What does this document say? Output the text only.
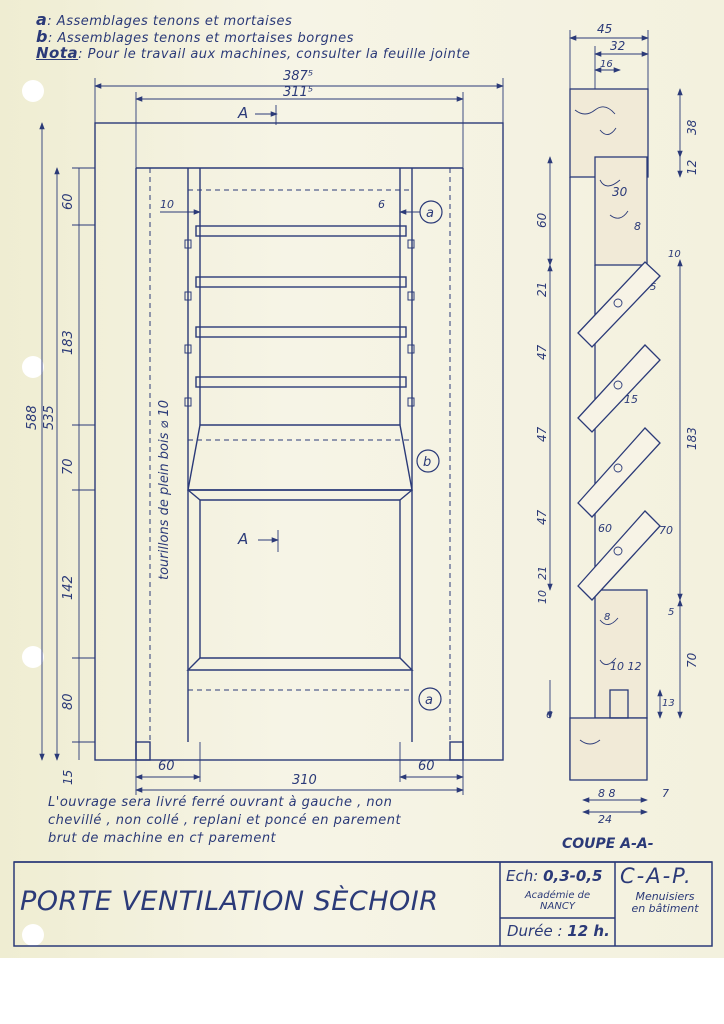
a: Assemblages tenons et mortaises
b: Assemblages tenons et mortaises borgnes
Nota: Pour le travail aux machines, consulter la feuille jointe
387⁵
311⁵
A
A
588 535
60
183
70
142
80
15
10	6
tourillons de plein bois ⌀ 10
a
b
a
60
310
60
45
32
16
38
12
30
8
10
5
15
183
60	70
5
70
8
10 12
13
6
60
21
47
47
47
10
21
8 8
24
7
COUPE A-A-
L'ouvrage sera livré ferré ouvrant à gauche , non
chevillé , non collé , replani et poncé en parement
brut de machine en c† parement
PORTE VENTILATION SÈCHOIR
Ech: 0,3-0,5
Académie de
NANCY
Durée : 12 h.
C-A-P.
Menuisiers
en bâtiment
